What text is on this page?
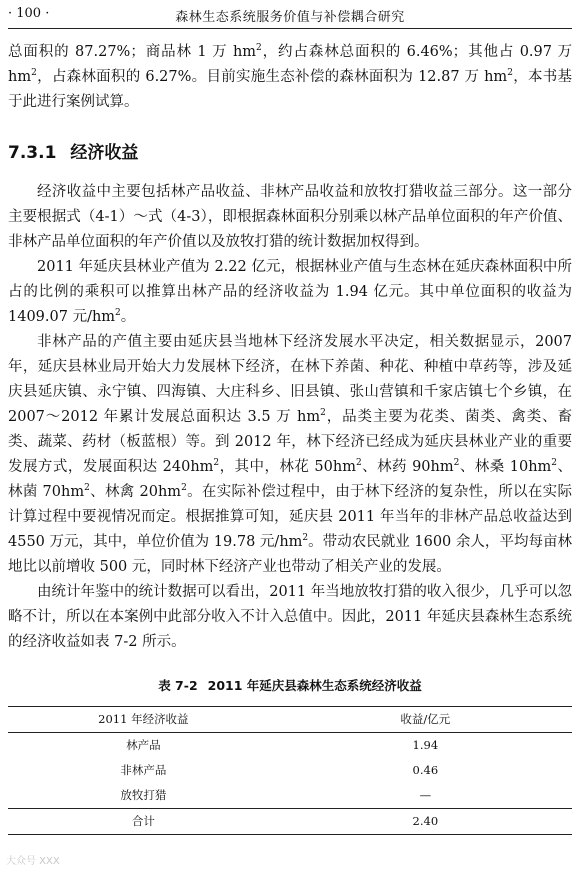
· 100 ·	森林生态系统服务价值与补偿耦合研究

总面积的 87.27%；商品林 1 万 $hm^2$，约占森林总面积的 6.46%；其他占 0.97 万 $hm^2$，占森林面积的 6.27%。目前实施生态补偿的森林面积为 12.87 万 $hm^2$，本书基于此进行案例试算。

7.3.1 经济收益

经济收益中主要包括林产品收益、非林产品收益和放牧打猎收益三部分。这一部分主要根据式（4-1）～式（4-3），即根据森林面积分别乘以林产品单位面积的年产价值、非林产品单位面积的年产价值以及放牧打猎的统计数据加权得到。

2011 年延庆县林业产值为 2.22 亿元，根据林业产值与生态林在延庆森林面积中所占的比例的乘积可以推算出林产品的经济收益为 1.94 亿元。其中单位面积的收益为 1409.07 元$/hm^2$。

非林产品的产值主要由延庆县当地林下经济发展水平决定，相关数据显示，2007 年，延庆县林业局开始大力发展林下经济，在林下养菌、种花、种植中草药等，涉及延庆县延庆镇、永宁镇、四海镇、大庄科乡、旧县镇、张山营镇和千家店镇七个乡镇，在 2007～2012 年累计发展总面积达 3.5 万 $hm^2$，品类主要为花类、菌类、禽类、畜类、蔬菜、药材（板蓝根）等。到 2012 年，林下经济已经成为延庆县林业产业的重要发展方式，发展面积达 $240hm^2$，其中，林花 $50hm^2$、林药 $90hm^2$、林桑 $10hm^2$、林菌 $70hm^2$、林禽 $20hm^2$。在实际补偿过程中，由于林下经济的复杂性，所以在实际计算过程中要视情况而定。根据推算可知，延庆县 2011 年当年的非林产品总收益达到 4550 万元，其中，单位价值为 19.78 元$/hm^2$。带动农民就业 1600 余人，平均每亩林地比以前增收 500 元，同时林下经济产业也带动了相关产业的发展。

由统计年鉴中的统计数据可以看出，2011 年当地放牧打猎的收入很少，几乎可以忽略不计，所以在本案例中此部分收入不计入总值中。因此，2011 年延庆县森林生态系统的经济收益如表 7-2 所示。

表 7-2 2011 年延庆县森林生态系统经济收益
2011 年经济收益	收益/亿元
林产品	1.94
非林产品	0.46
放牧打猎	—
合计	2.40
大众号 XXX
